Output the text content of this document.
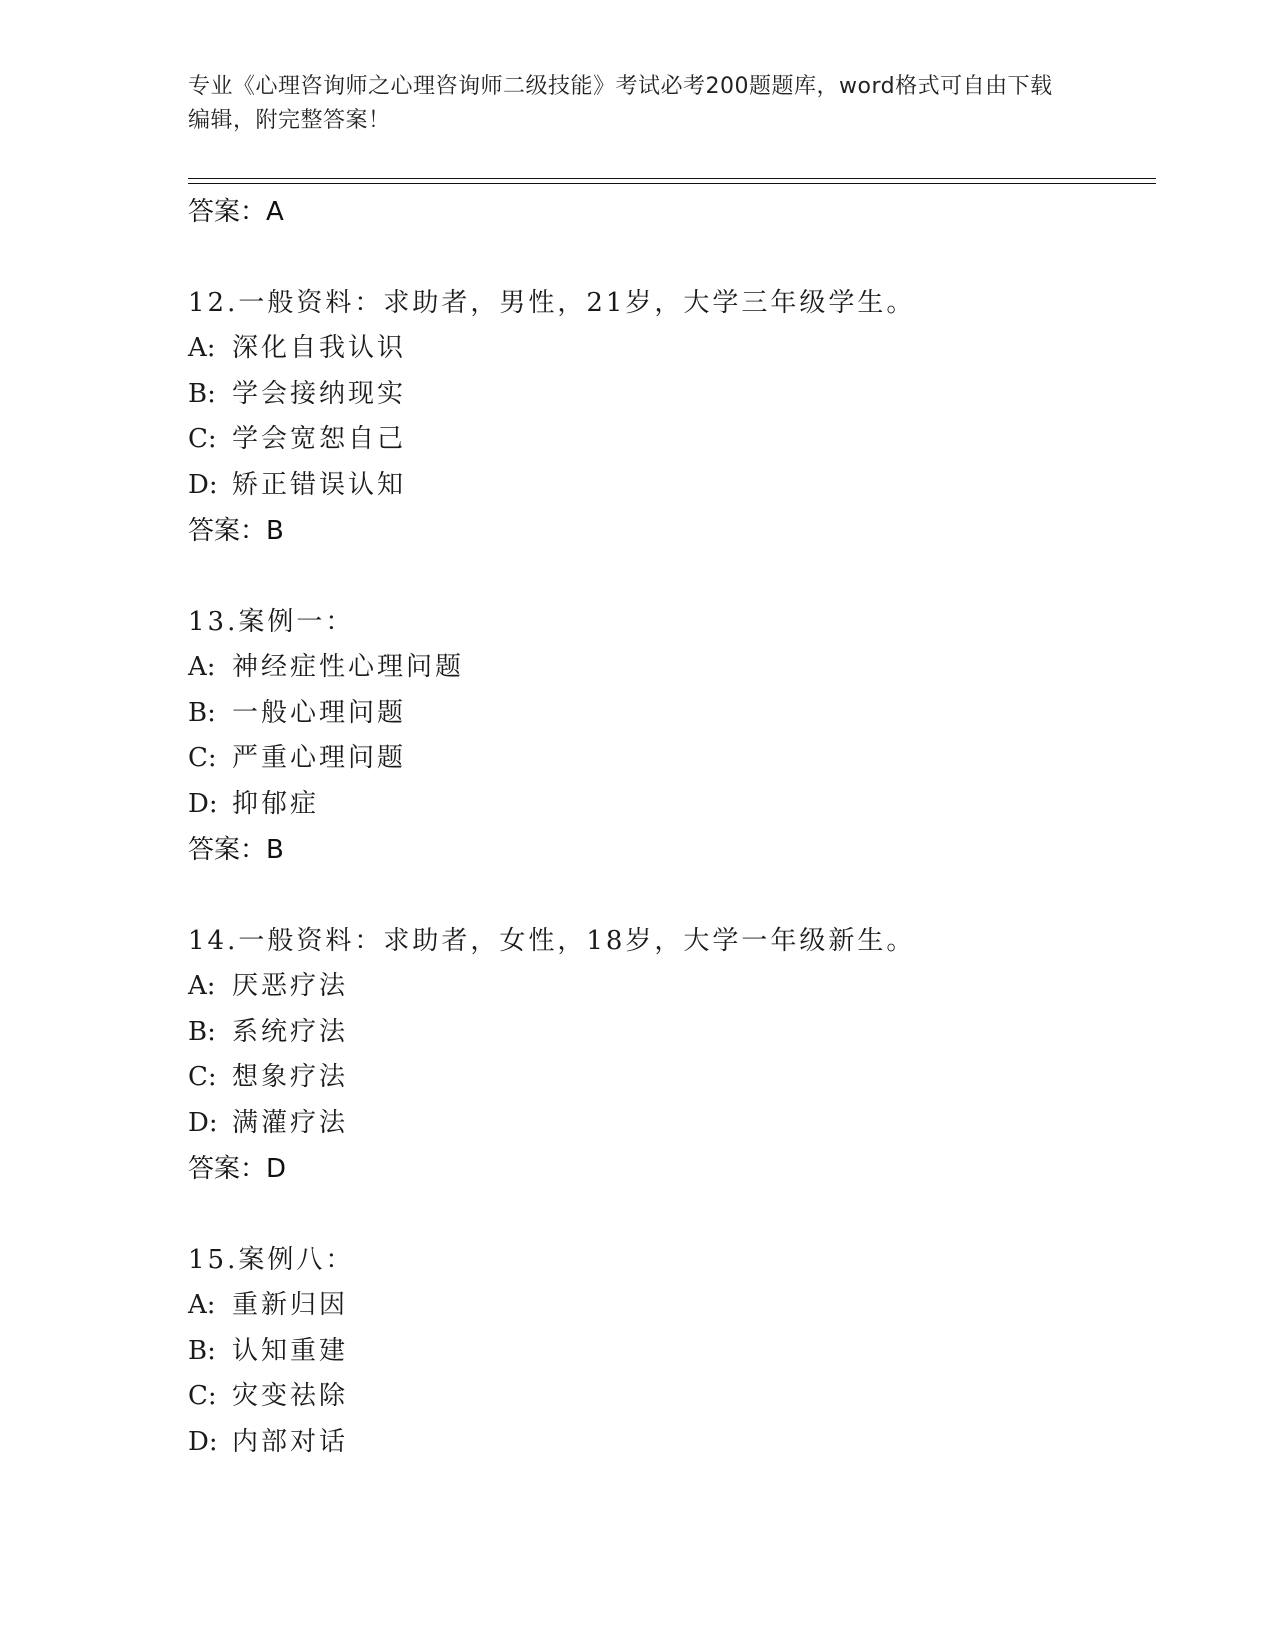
专业《心理咨询师之心理咨询师二级技能》考试必考200题题库，word格式可自由下载编辑，附完整答案！
答案：A
12.一般资料：求助者，男性，21岁，大学三年级学生。
A: 深化自我认识
B: 学会接纳现实
C: 学会宽恕自己
D: 矫正错误认知
答案：B
13.案例一：
A: 神经症性心理问题
B: 一般心理问题
C: 严重心理问题
D: 抑郁症
答案：B
14.一般资料：求助者，女性，18岁，大学一年级新生。
A: 厌恶疗法
B: 系统疗法
C: 想象疗法
D: 满灌疗法
答案：D
15.案例八：
A: 重新归因
B: 认知重建
C: 灾变祛除
D: 内部对话
